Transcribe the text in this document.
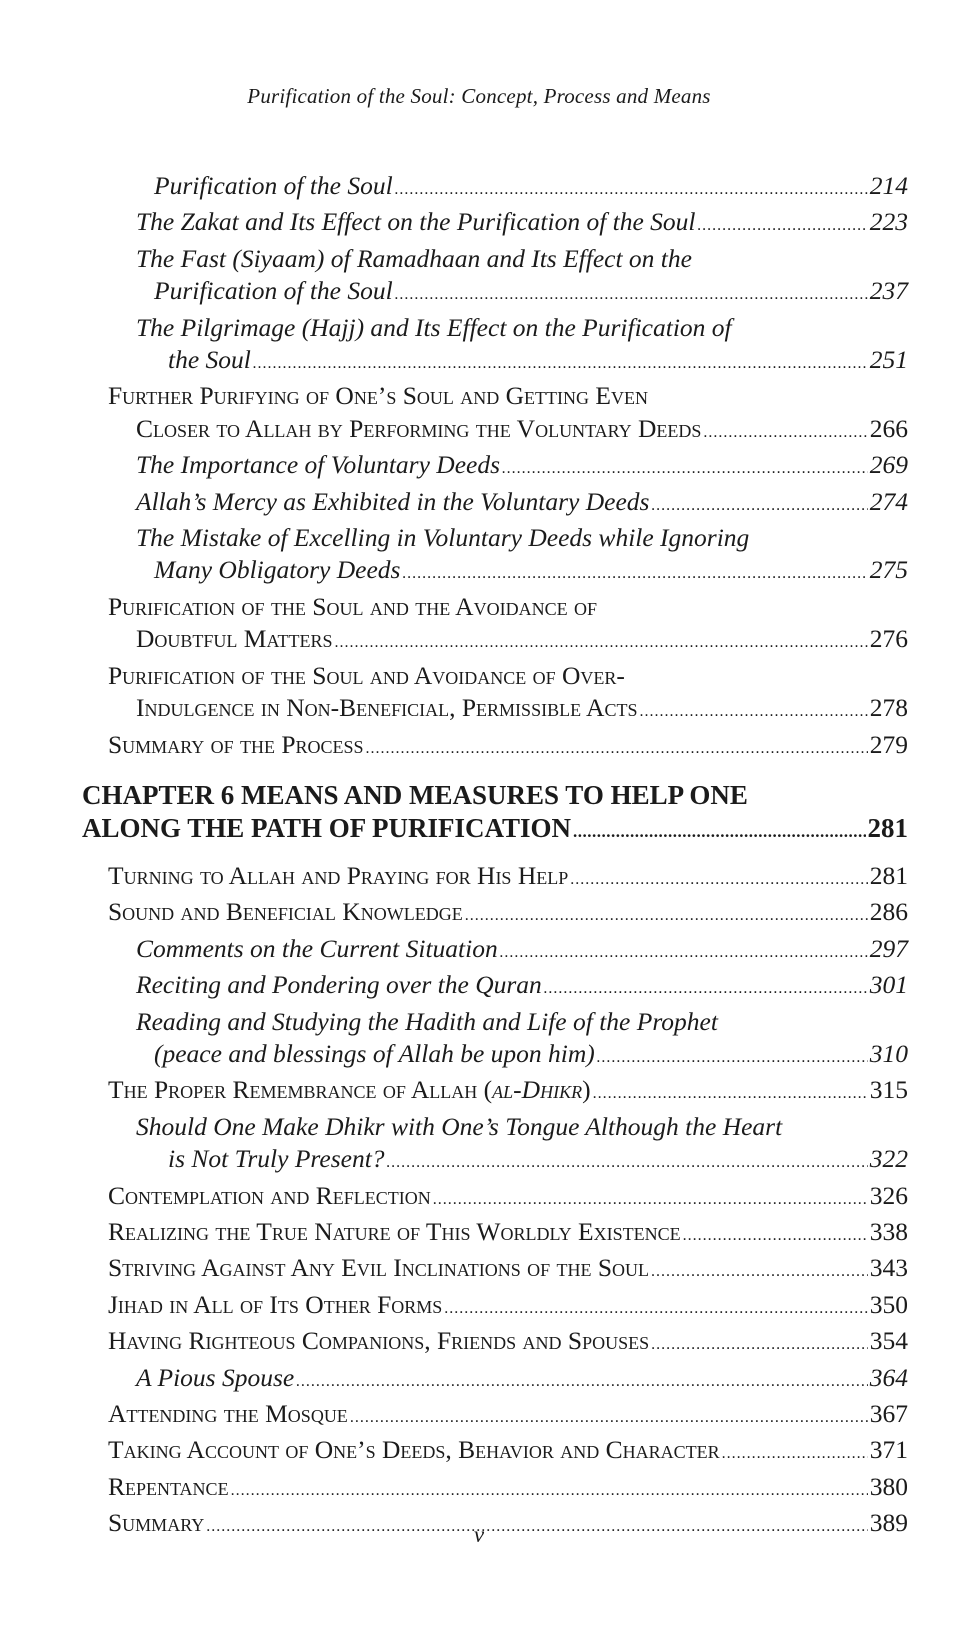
Purification of the Soul: Concept, Process and Means
Purification of the Soul .....	214
The Zakat and Its Effect on the Purification of the Soul .....	223
The Fast (Siyaam) of Ramadhaan and Its Effect on the
Purification of the Soul .....	237
The Pilgrimage (Hajj) and Its Effect on the Purification of
the Soul .....	251
Further Purifying of One’s Soul and Getting Even
Closer to Allah by Performing the Voluntary Deeds .....	266
The Importance of Voluntary Deeds .....	269
Allah’s Mercy as Exhibited in the Voluntary Deeds .....	274
The Mistake of Excelling in Voluntary Deeds while Ignoring
Many Obligatory Deeds .....	275
Purification of the Soul and the Avoidance of
Doubtful Matters .....	276
Purification of the Soul and Avoidance of Over-
Indulgence in Non-Beneficial, Permissible Acts .....	278
Summary of the Process .....	279
CHAPTER 6 MEANS AND MEASURES TO HELP ONE
ALONG THE PATH OF PURIFICATION .....	281
Turning to Allah and Praying for His Help .....	281
Sound and Beneficial Knowledge .....	286
Comments on the Current Situation .....	297
Reciting and Pondering over the Quran .....	301
Reading and Studying the Hadith and Life of the Prophet
(peace and blessings of Allah be upon him) .....	310
The Proper Remembrance of Allah (al-Dhikr) .....	315
Should One Make Dhikr with One’s Tongue Although the Heart
is Not Truly Present? .....	322
Contemplation and Reflection .....	326
Realizing the True Nature of This Worldly Existence .....	338
Striving Against Any Evil Inclinations of the Soul .....	343
Jihad in All of Its Other Forms .....	350
Having Righteous Companions, Friends and Spouses .....	354
A Pious Spouse .....	364
Attending the Mosque .....	367
Taking Account of One’s Deeds, Behavior and Character .....	371
Repentance .....	380
Summary .....	389
v
